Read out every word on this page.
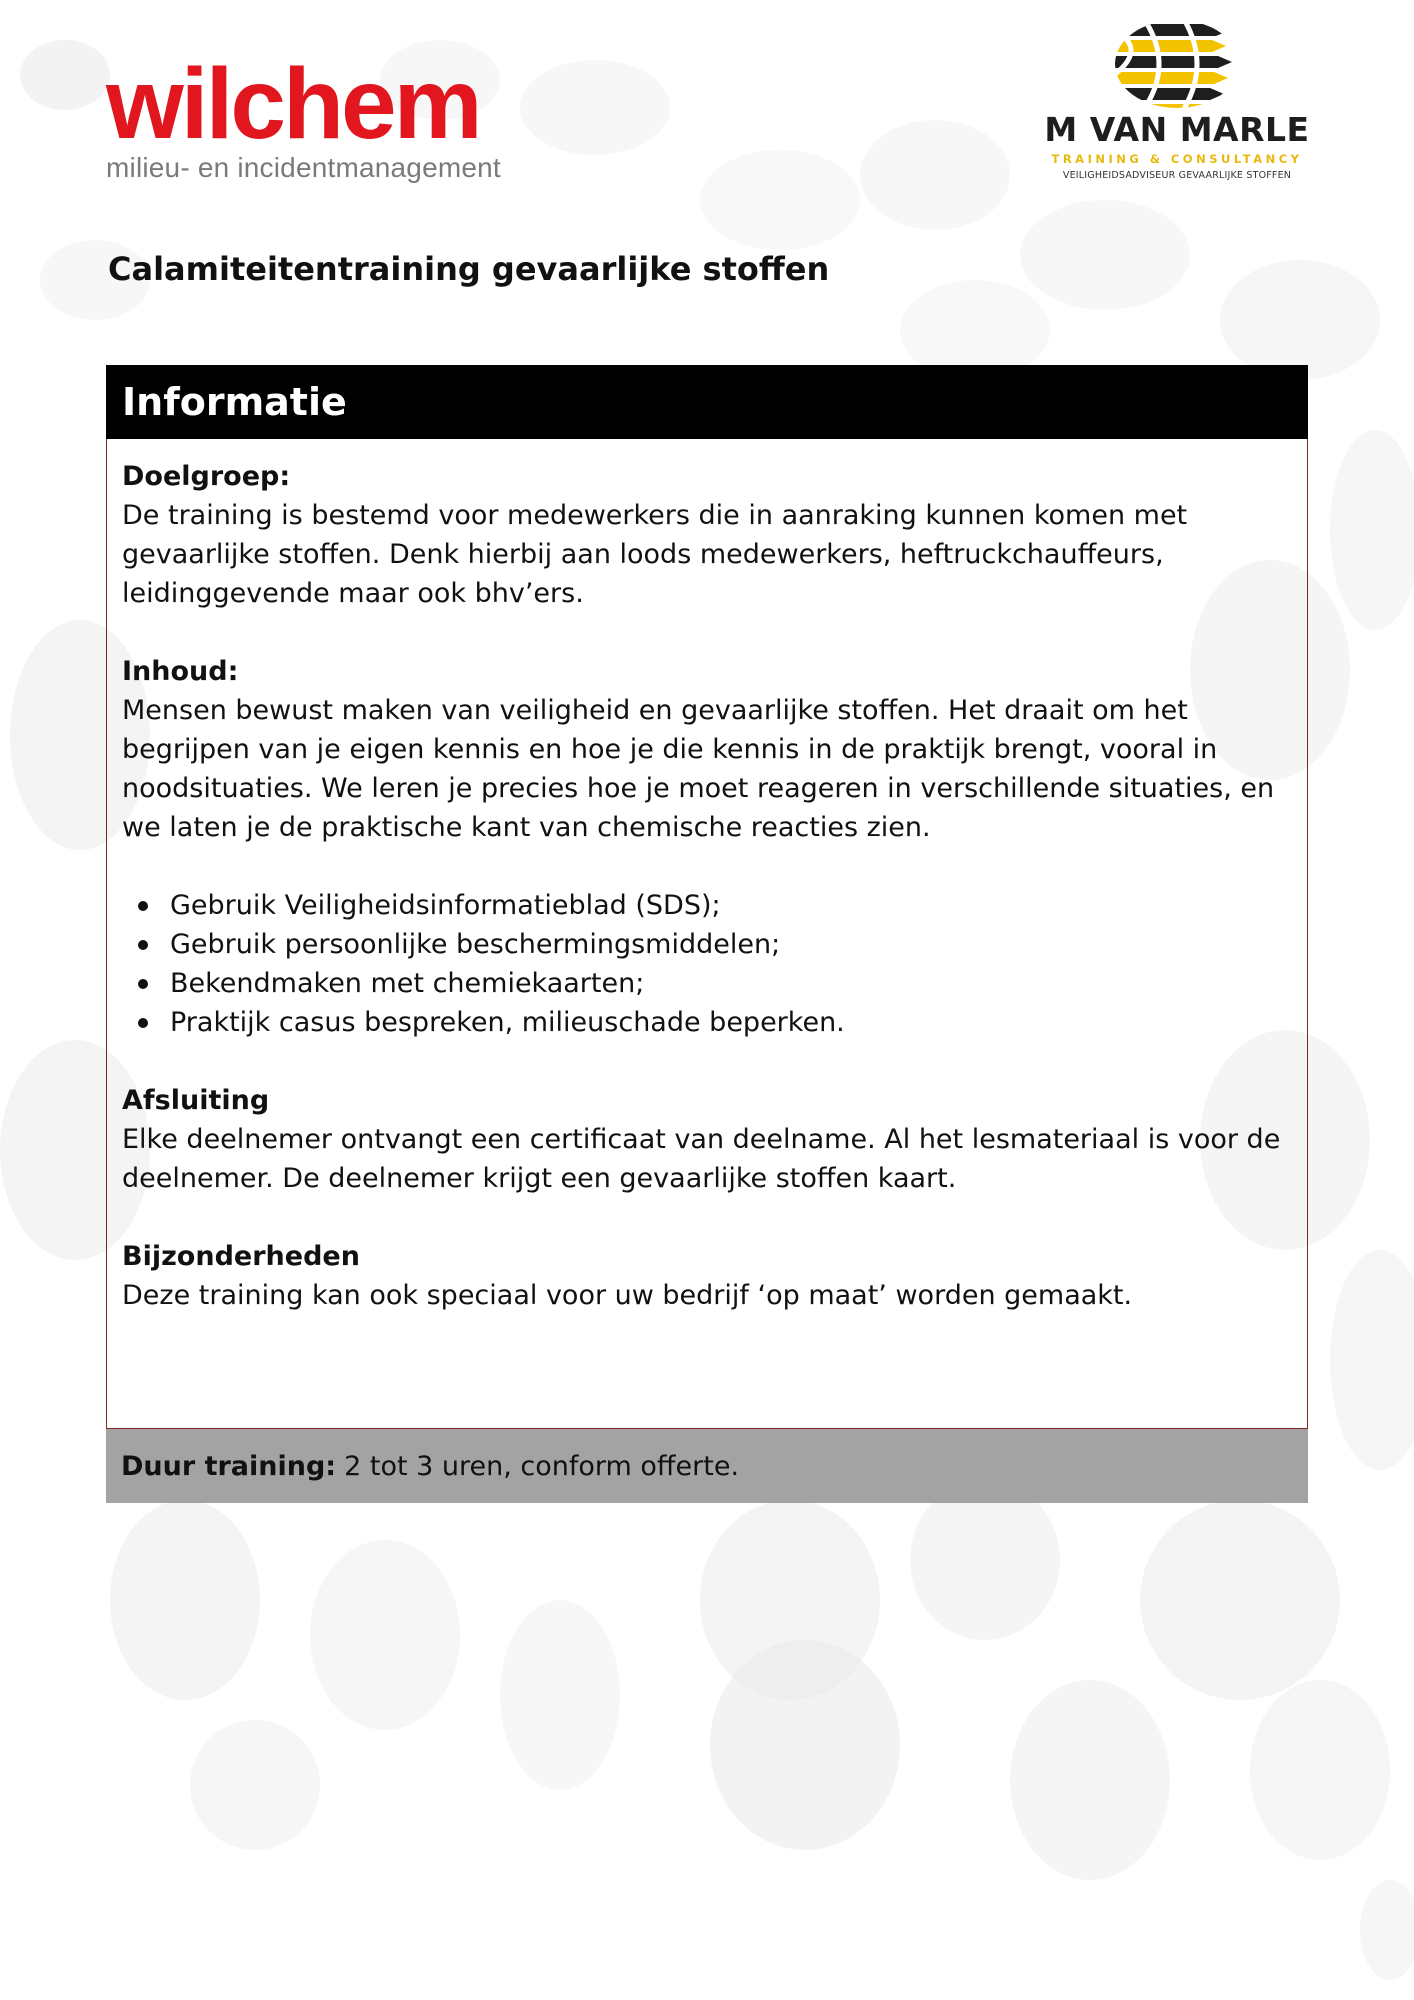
wilchem
milieu- en incidentmanagement
M VAN MARLE
TRAINING & CONSULTANCY
VEILIGHEIDSADVISEUR GEVAARLIJKE STOFFEN
Calamiteitentraining gevaarlijke stoffen
Informatie
Doelgroep:

De training is bestemd voor medewerkers die in aanraking kunnen komen met gevaarlijke stoffen. Denk hierbij aan loods medewerkers, heftruckchauffeurs, leidinggevende maar ook bhv’ers.

Inhoud:

Mensen bewust maken van veiligheid en gevaarlijke stoffen. Het draait om het begrijpen van je eigen kennis en hoe je die kennis in de praktijk brengt, vooral in noodsituaties. We leren je precies hoe je moet reageren in verschillende situaties, en we laten je de praktische kant van chemische reacties zien.

Gebruik Veiligheidsinformatieblad (SDS);
Gebruik persoonlijke beschermingsmiddelen;
Bekendmaken met chemiekaarten;
Praktijk casus bespreken, milieuschade beperken.
Afsluiting

Elke deelnemer ontvangt een certificaat van deelname. Al het lesmateriaal is voor de deelnemer. De deelnemer krijgt een gevaarlijke stoffen kaart.

Bijzonderheden

Deze training kan ook speciaal voor uw bedrijf ‘op maat’ worden gemaakt.

Duur training: 2 tot 3 uren, conform offerte.
